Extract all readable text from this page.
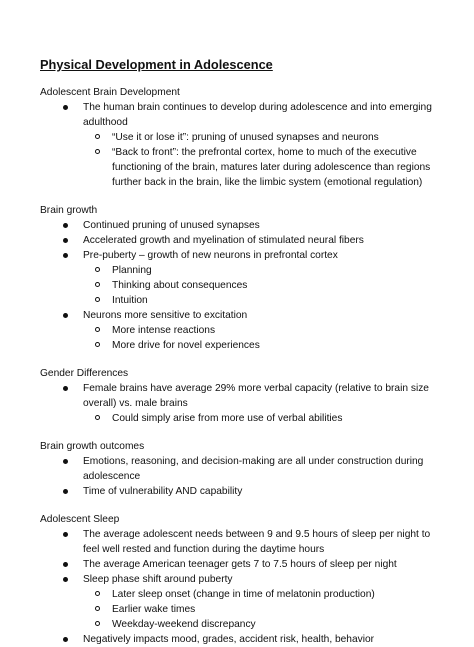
Physical Development in Adolescence
Adolescent Brain Development
The human brain continues to develop during adolescence and into emerging adulthood
“Use it or lose it”: pruning of unused synapses and neurons
“Back to front”: the prefrontal cortex, home to much of the executive functioning of the brain, matures later during adolescence than regions further back in the brain, like the limbic system (emotional regulation)
Brain growth
Continued pruning of unused synapses
Accelerated growth and myelination of stimulated neural fibers
Pre-puberty – growth of new neurons in prefrontal cortex
Planning
Thinking about consequences
Intuition
Neurons more sensitive to excitation
More intense reactions
More drive for novel experiences
Gender Differences
Female brains have average 29% more verbal capacity (relative to brain size overall) vs. male brains
Could simply arise from more use of verbal abilities
Brain growth outcomes
Emotions, reasoning, and decision-making are all under construction during adolescence
Time of vulnerability AND capability
Adolescent Sleep
The average adolescent needs between 9 and 9.5 hours of sleep per night to feel well rested and function during the daytime hours
The average American teenager gets 7 to 7.5 hours of sleep per night
Sleep phase shift around puberty
Later sleep onset (change in time of melatonin production)
Earlier wake times
Weekday-weekend discrepancy
Negatively impacts mood, grades, accident risk, health, behavior
